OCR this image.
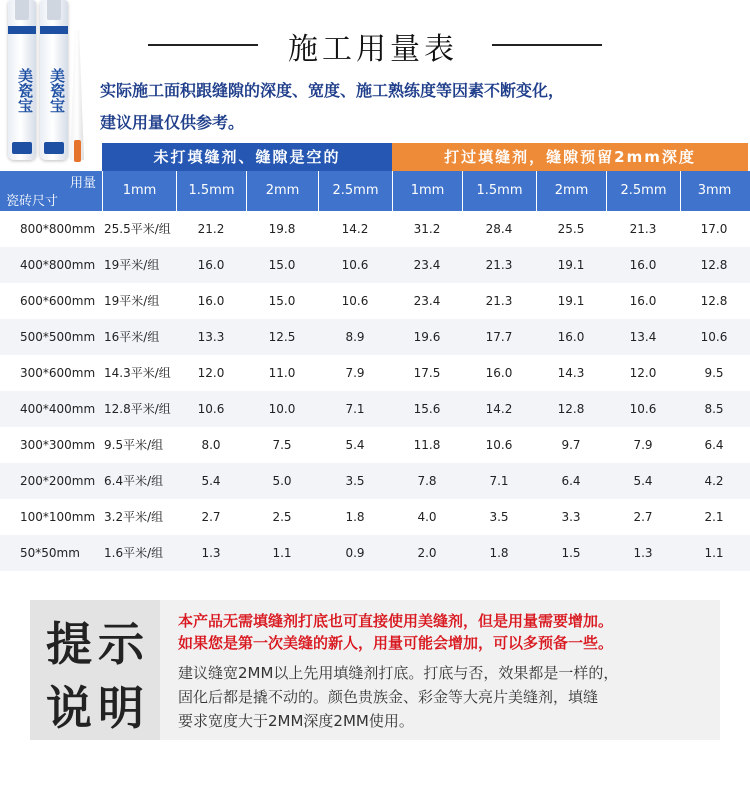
美瓷宝 美瓷宝
施工用量表
实际施工面积跟缝隙的深度、宽度、施工熟练度等因素不断变化，
建议用量仅供参考。
未打填缝剂、缝隙是空的	打过填缝剂，缝隙预留2mm深度
用量
瓷砖尺寸
1mm	1.5mm	2mm	2.5mm	1mm	1.5mm	2mm	2.5mm	3mm
800*800mm 25.5平米/组	21.2	19.8	14.2	31.2	28.4	25.5	21.3	17.0
400*800mm 19平米/组	16.0	15.0	10.6	23.4	21.3	19.1	16.0	12.8
600*600mm 19平米/组	16.0	15.0	10.6	23.4	21.3	19.1	16.0	12.8
500*500mm 16平米/组	13.3	12.5	8.9	19.6	17.7	16.0	13.4	10.6
300*600mm 14.3平米/组	12.0	11.0	7.9	17.5	16.0	14.3	12.0	9.5
400*400mm 12.8平米/组	10.6	10.0	7.1	15.6	14.2	12.8	10.6	8.5
300*300mm 9.5平米/组	8.0	7.5	5.4	11.8	10.6	9.7	7.9	6.4
200*200mm 6.4平米/组	5.4	5.0	3.5	7.8	7.1	6.4	5.4	4.2
100*100mm 3.2平米/组	2.7	2.5	1.8	4.0	3.5	3.3	2.7	2.1
50*50mm	1.6平米/组	1.3	1.1	0.9	2.0	1.8	1.5	1.3	1.1
提 示
说 明
本产品无需填缝剂打底也可直接使用美缝剂，但是用量需要增加。
如果您是第一次美缝的新人，用量可能会增加，可以多预备一些。
建议缝宽2MM以上先用填缝剂打底。打底与否，效果都是一样的，
固化后都是撬不动的。颜色贵族金、彩金等大亮片美缝剂，填缝
要求宽度大于2MM深度2MM使用。
